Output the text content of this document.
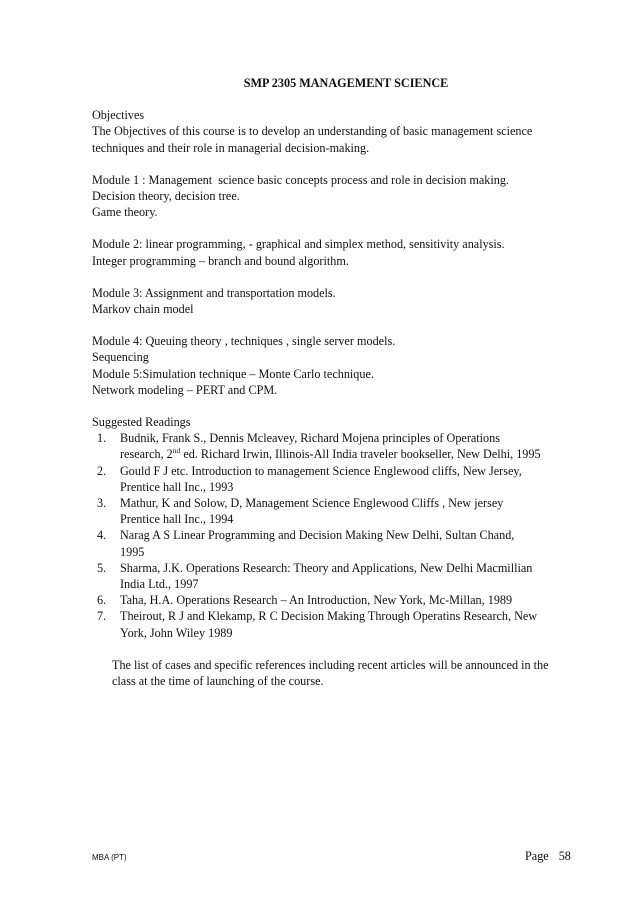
SMP 2305 MANAGEMENT SCIENCE
Objectives
The Objectives of this course is to develop an understanding of basic management science
techniques and their role in managerial decision-making.
Module 1 : Management  science basic concepts process and role in decision making.
Decision theory, decision tree.
Game theory.
Module 2: linear programming, - graphical and simplex method, sensitivity analysis.
Integer programming – branch and bound algorithm.
Module 3: Assignment and transportation models.
Markov chain model
Module 4: Queuing theory , techniques , single server models.
Sequencing
Module 5:Simulation technique – Monte Carlo technique.
Network modeling – PERT and CPM.
Suggested Readings
1. Budnik, Frank S., Dennis Mcleavey, Richard Mojena principles of Operations
research, 2nd ed. Richard Irwin, Illinois-All India traveler bookseller, New Delhi, 1995
2. Gould F J etc. Introduction to management Science Englewood cliffs, New Jersey,
Prentice hall Inc., 1993
3. Mathur, K and Solow, D, Management Science Englewood Cliffs , New jersey
Prentice hall Inc., 1994
4. Narag A S Linear Programming and Decision Making New Delhi, Sultan Chand,
1995
5. Sharma, J.K. Operations Research: Theory and Applications, New Delhi Macmillian
India Ltd., 1997
6. Taha, H.A. Operations Research – An Introduction, New York, Mc-Millan, 1989
7. Theirout, R J and Klekamp, R C Decision Making Through Operatins Research, New
York, John Wiley 1989
The list of cases and specific references including recent articles will be announced in the
class at the time of launching of the course.
MBA (PT)	Page 58
